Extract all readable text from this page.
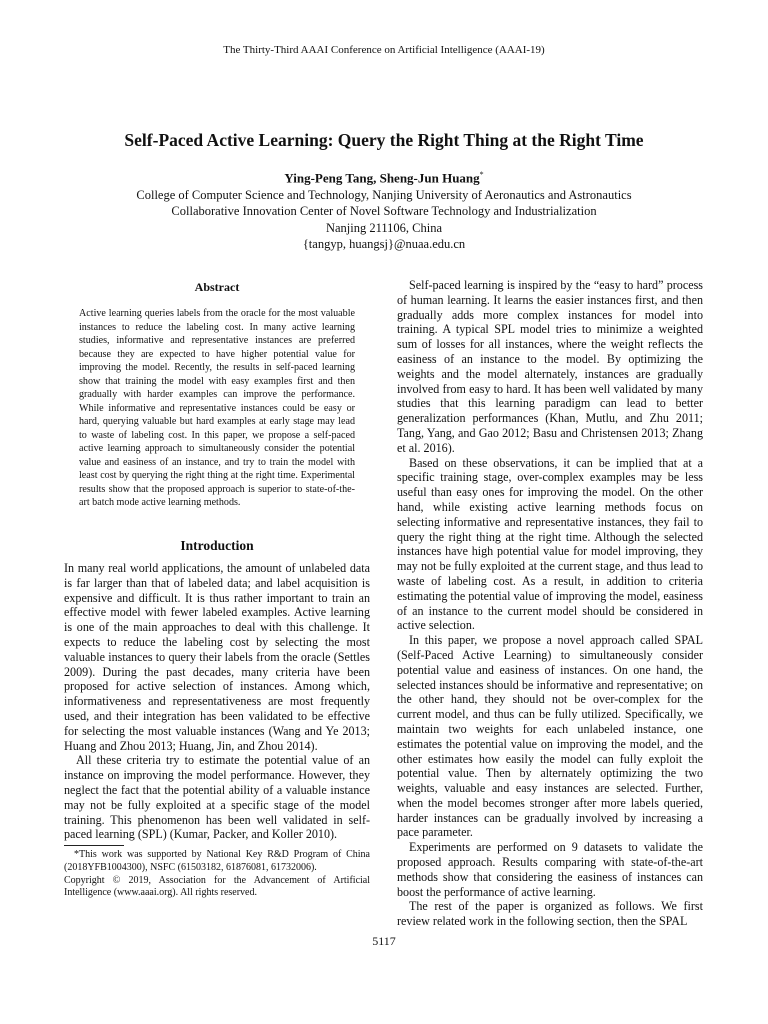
The Thirty-Third AAAI Conference on Artificial Intelligence (AAAI-19)
Self-Paced Active Learning: Query the Right Thing at the Right Time
Ying-Peng Tang, Sheng-Jun Huang*
College of Computer Science and Technology, Nanjing University of Aeronautics and Astronautics
Collaborative Innovation Center of Novel Software Technology and Industrialization
Nanjing 211106, China
{tangyp, huangsj}@nuaa.edu.cn
Abstract
Active learning queries labels from the oracle for the most valuable instances to reduce the labeling cost. In many active learning studies, informative and representative instances are preferred because they are expected to have higher potential value for improving the model. Recently, the results in self-paced learning show that training the model with easy examples first and then gradually with harder examples can improve the performance. While informative and representative instances could be easy or hard, querying valuable but hard examples at early stage may lead to waste of labeling cost. In this paper, we propose a self-paced active learning approach to simultaneously consider the potential value and easiness of an instance, and try to train the model with least cost by querying the right thing at the right time. Experimental results show that the proposed approach is superior to state-of-the-art batch mode active learning methods.
Introduction

In many real world applications, the amount of unlabeled data is far larger than that of labeled data; and label acquisition is expensive and difficult. It is thus rather important to train an effective model with fewer labeled examples. Active learning is one of the main approaches to deal with this challenge. It expects to reduce the labeling cost by selecting the most valuable instances to query their labels from the oracle (Settles 2009). During the past decades, many criteria have been proposed for active selection of instances. Among which, informativeness and representativeness are most frequently used, and their integration has been validated to be effective for selecting the most valuable instances (Wang and Ye 2013; Huang and Zhou 2013; Huang, Jin, and Zhou 2014).

All these criteria try to estimate the potential value of an instance on improving the model performance. However, they neglect the fact that the potential ability of a valuable instance may not be fully exploited at a specific stage of the model training. This phenomenon has been well validated in self-paced learning (SPL) (Kumar, Packer, and Koller 2010).

*This work was supported by National Key R&D Program of China (2018YFB1004300), NSFC (61503182, 61876081, 61732006).

Copyright © 2019, Association for the Advancement of Artificial Intelligence (www.aaai.org). All rights reserved.

Self-paced learning is inspired by the “easy to hard” process of human learning. It learns the easier instances first, and then gradually adds more complex instances for model into training. A typical SPL model tries to minimize a weighted sum of losses for all instances, where the weight reflects the easiness of an instance to the model. By optimizing the weights and the model alternately, instances are gradually involved from easy to hard. It has been well validated by many studies that this learning paradigm can lead to better generalization performances (Khan, Mutlu, and Zhu 2011; Tang, Yang, and Gao 2012; Basu and Christensen 2013; Zhang et al. 2016).

Based on these observations, it can be implied that at a specific training stage, over-complex examples may be less useful than easy ones for improving the model. On the other hand, while existing active learning methods focus on selecting informative and representative instances, they fail to query the right thing at the right time. Although the selected instances have high potential value for model improving, they may not be fully exploited at the current stage, and thus lead to waste of labeling cost. As a result, in addition to criteria estimating the potential value of improving the model, easiness of an instance to the current model should be considered in active selection.

In this paper, we propose a novel approach called SPAL (Self-Paced Active Learning) to simultaneously consider potential value and easiness of instances. On one hand, the selected instances should be informative and representative; on the other hand, they should not be over-complex for the current model, and thus can be fully utilized. Specifically, we maintain two weights for each unlabeled instance, one estimates the potential value on improving the model, and the other estimates how easily the model can fully exploit the potential value. Then by alternately optimizing the two weights, valuable and easy instances are selected. Further, when the model becomes stronger after more labels queried, harder instances can be gradually involved by increasing a pace parameter.

Experiments are performed on 9 datasets to validate the proposed approach. Results comparing with state-of-the-art methods show that considering the easiness of instances can boost the performance of active learning.

The rest of the paper is organized as follows. We first review related work in the following section, then the SPAL

5117
